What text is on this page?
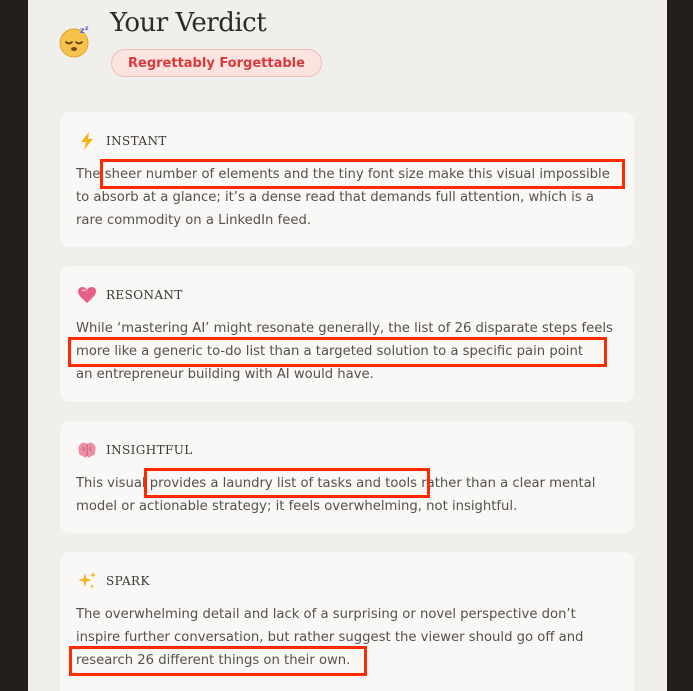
z z Your Verdict
Regrettably Forgettable
INSTANT
The sheer number of elements and the tiny font size make this visual impossible
to absorb at a glance; it’s a dense read that demands full attention, which is a
rare commodity on a LinkedIn feed.
RESONANT
While ‘mastering AI’ might resonate generally, the list of 26 disparate steps feels
more like a generic to-do list than a targeted solution to a specific pain point
an entrepreneur building with AI would have.
INSIGHTFUL
This visual provides a laundry list of tasks and tools rather than a clear mental
model or actionable strategy; it feels overwhelming, not insightful.
SPARK
The overwhelming detail and lack of a surprising or novel perspective don’t
inspire further conversation, but rather suggest the viewer should go off and
research 26 different things on their own.
